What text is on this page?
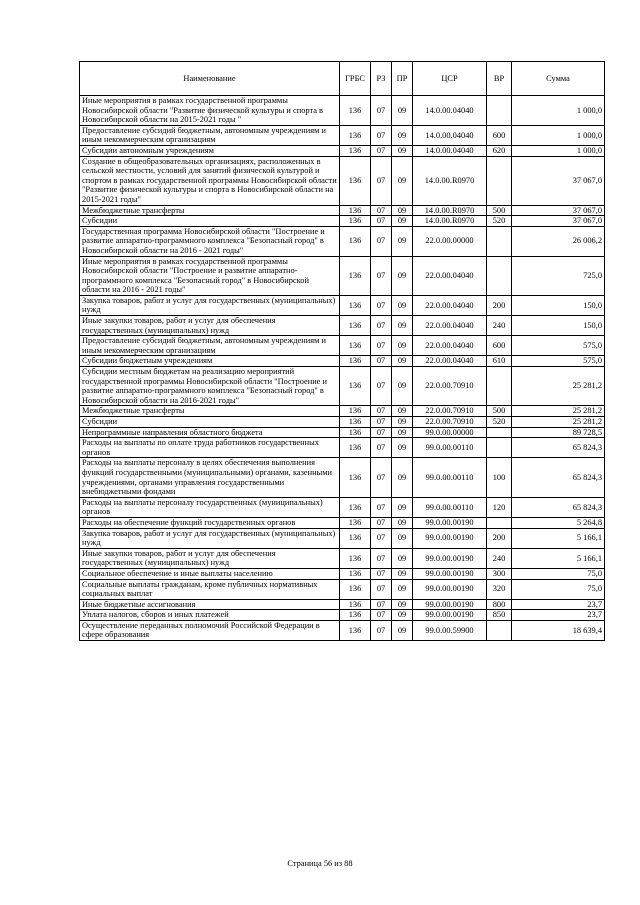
Наименование	ГРБС	РЗ	ПР	ЦСР	ВР	Сумма
Иные мероприятия в рамках государственной программы Новосибирской области "Развитие физической культуры и спорта в Новосибирской области на 2015-2021 годы "	136	07	09	14.0.00.04040		1 000,0
Предоставление субсидий бюджетным, автономным учреждениям и иным некоммерческим организациям	136	07	09	14.0.00.04040	600	1 000,0
Субсидии автономным учреждениям	136	07	09	14.0.00.04040	620	1 000,0
Создание в общеобразовательных организациях, расположенных в сельской местности, условий для занятий физической культурой и спортом в рамках государственной программы Новосибирской области "Развитие физической культуры и спорта в Новосибирской области на 2015-2021 годы"	136	07	09	14.0.00.R0970		37 067,0
Межбюджетные трансферты	136	07	09	14.0.00.R0970	500	37 067,0
Субсидии	136	07	09	14.0.00.R0970	520	37 067,0
Государственная программа Новосибирской области "Построение и развитие аппаратно-программного комплекса "Безопасный город" в Новосибирской области на 2016 - 2021 годы"	136	07	09	22.0.00.00000		26 006,2
Иные мероприятия в рамках государственной программы Новосибирской области "Построение и развитие аппаратно-программного комплекса "Безопасный город" в Новосибирской области на 2016 - 2021 годы"	136	07	09	22.0.00.04040		725,0
Закупка товаров, работ и услуг для государственных (муниципальных) нужд	136	07	09	22.0.00.04040	200	150,0
Иные закупки товаров, работ и услуг для обеспечения государственных (муниципальных) нужд	136	07	09	22.0.00.04040	240	150,0
Предоставление субсидий бюджетным, автономным учреждениям и иным некоммерческим организациям	136	07	09	22.0.00.04040	600	575,0
Субсидии бюджетным учреждениям	136	07	09	22.0.00.04040	610	575,0
Субсидии местным бюджетам на реализацию мероприятий государственной программы Новосибирской области "Построение и развитие аппаратно-программного комплекса "Безопасный город" в Новосибирской области на 2016-2021 годы"	136	07	09	22.0.00.70910		25 281,2
Межбюджетные трансферты	136	07	09	22.0.00.70910	500	25 281,2
Субсидии	136	07	09	22.0.00.70910	520	25 281,2
Непрограммные направления областного бюджета	136	07	09	99.0.00.00000		89 728,5
Расходы на выплаты по оплате труда работников государственных органов	136	07	09	99.0.00.00110		65 824,3
Расходы на выплаты персоналу в целях обеспечения выполнения функций государственными (муниципальными) органами, казенными учреждениями, органами управления государственными внебюджетными фондами	136	07	09	99.0.00.00110	100	65 824,3
Расходы на выплаты персоналу государственных (муниципальных) органов	136	07	09	99.0.00.00110	120	65 824,3
Расходы на обеспечение функций государственных органов	136	07	09	99.0.00.00190		5 264,8
Закупка товаров, работ и услуг для государственных (муниципальных) нужд	136	07	09	99.0.00.00190	200	5 166,1
Иные закупки товаров, работ и услуг для обеспечения государственных (муниципальных) нужд	136	07	09	99.0.00.00190	240	5 166,1
Социальное обеспечение и иные выплаты населению	136	07	09	99.0.00.00190	300	75,0
Социальные выплаты гражданам, кроме публичных нормативных социальных выплат	136	07	09	99.0.00.00190	320	75,0
Иные бюджетные ассигнования	136	07	09	99.0.00.00190	800	23,7
Уплата налогов, сборов и иных платежей	136	07	09	99.0.00.00190	850	23,7
Осуществление переданных полномочий Российской Федерации в сфере образования	136	07	09	99.0.00.59900		18 639,4
Страница 56 из 88
